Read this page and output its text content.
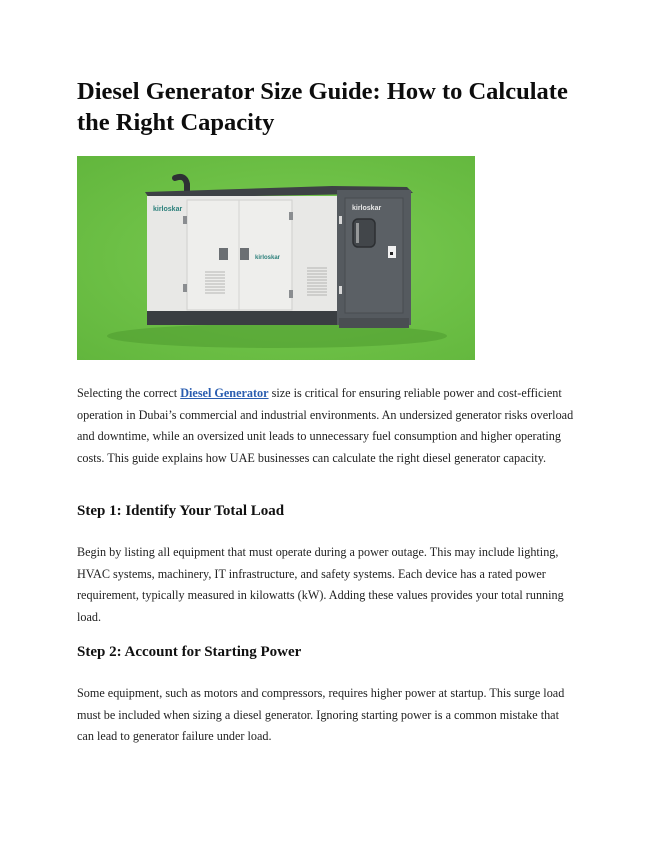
Diesel Generator Size Guide: How to Calculate the Right Capacity
kirloskar
kirloskar
kirloskar

Selecting the correct Diesel Generator size is critical for ensuring reliable power and cost-efficient operation in Dubai’s commercial and industrial environments. An undersized generator risks overload and downtime, while an oversized unit leads to unnecessary fuel consumption and higher operating costs. This guide explains how UAE businesses can calculate the right diesel generator capacity.

Step 1: Identify Your Total Load

Begin by listing all equipment that must operate during a power outage. This may include lighting, HVAC systems, machinery, IT infrastructure, and safety systems. Each device has a rated power requirement, typically measured in kilowatts (kW). Adding these values provides your total running load.

Step 2: Account for Starting Power

Some equipment, such as motors and compressors, requires higher power at startup. This surge load must be included when sizing a diesel generator. Ignoring starting power is a common mistake that can lead to generator failure under load.
